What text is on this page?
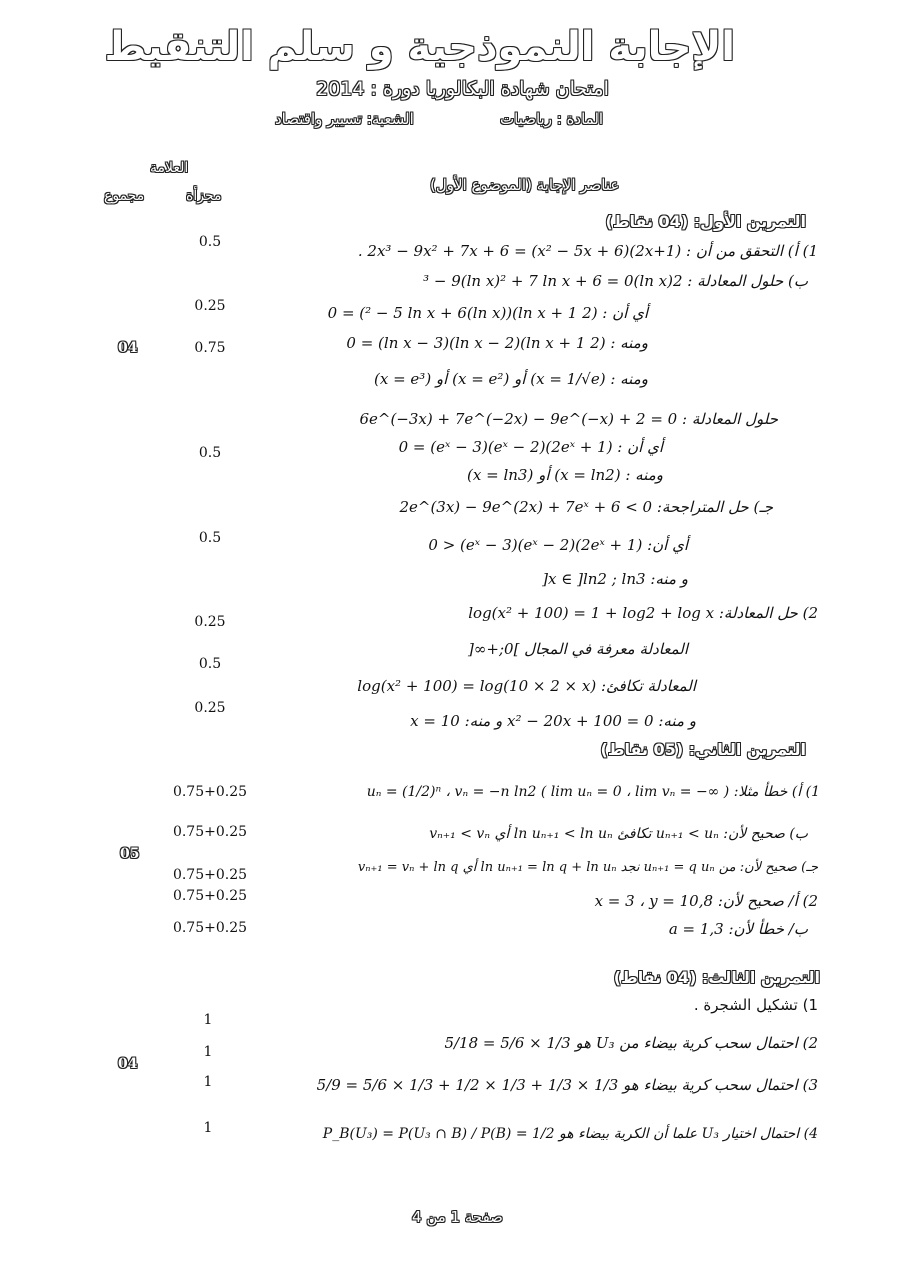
الإجابة النموذجية و سلم التنقيط
امتحان شهادة البكالوريا دورة : 2014
الشعبة: تسيير واقتصاد	المادة : رياضيات
العلامة
مجزأة
مجموع
عناصر الإجابة (الموضوع الأول)
التمرين الأول: (04 نقاط)
04
1) أ) التحقق من أن : (2x+1)(x² − 5x + 6) = 2x³ − 9x² + 7x + 6 .
0.5
ب) حلول المعادلة : 2(ln x)³ − 9(ln x)² + 7 ln x + 6 = 0
أي أن : (2 ln x + 1)((ln x)² − 5 ln x + 6) = 0
0.25
ومنه : (2 ln x + 1)(ln x − 2)(ln x − 3) = 0
0.75
ومنه : (x = 1/√e) أو (x = e²) أو (x = e³)
حلول المعادلة : 6e^(−3x) + 7e^(−2x) − 9e^(−x) + 2 = 0
أي أن : (2eˣ + 1)(eˣ − 2)(eˣ − 3) = 0
0.5
ومنه : (x = ln2) أو (x = ln3)
جـ) حل المتراجحة: 2e^(3x) − 9e^(2x) + 7eˣ + 6 < 0
أي أن: (2eˣ + 1)(eˣ − 2)(eˣ − 3) < 0
0.5
و منه: x ∈ ]ln2 ; ln3[
2) حل المعادلة: log(x² + 100) = 1 + log2 + log x
0.25
المعادلة معرفة في المجال ]0;+∞[
0.5
المعادلة تكافئ: log(x² + 100) = log(10 × 2 × x)
0.25
و منه: x² − 20x + 100 = 0 و منه: x = 10
التمرين الثاني: (05 نقاط)
05
1) أ) خطأ مثلا: uₙ = (1/2)ⁿ ، vₙ = −n ln2 ( lim uₙ = 0 ، lim vₙ = −∞ )
0.75+0.25
ب) صحيح لأن: uₙ₊₁ < uₙ تكافئ ln uₙ₊₁ < ln uₙ أي vₙ₊₁ < vₙ
0.75+0.25
جـ) صحيح لأن: من uₙ₊₁ = q uₙ نجد ln uₙ₊₁ = ln q + ln uₙ أي vₙ₊₁ = vₙ + ln q
0.75+0.25
2) أ/ صحيح لأن: x = 3 ، y = 10,8
0.75+0.25
ب/ خطأ لأن: a = 1,3
0.75+0.25
التمرين الثالث: (04 نقاط)
04
1) تشكيل الشجرة .
1
2) احتمال سحب كرية بيضاء من U₃ هو 1/3 × 5/6 = 5/18
1
3) احتمال سحب كرية بيضاء هو 1/3 × 1/3 + 1/3 × 1/2 + 1/3 × 5/6 = 5/9
1
4) احتمال اختيار U₃ علما أن الكرية بيضاء هو P_B(U₃) = P(U₃ ∩ B) / P(B) = 1/2
1
صفحة 1 من 4
